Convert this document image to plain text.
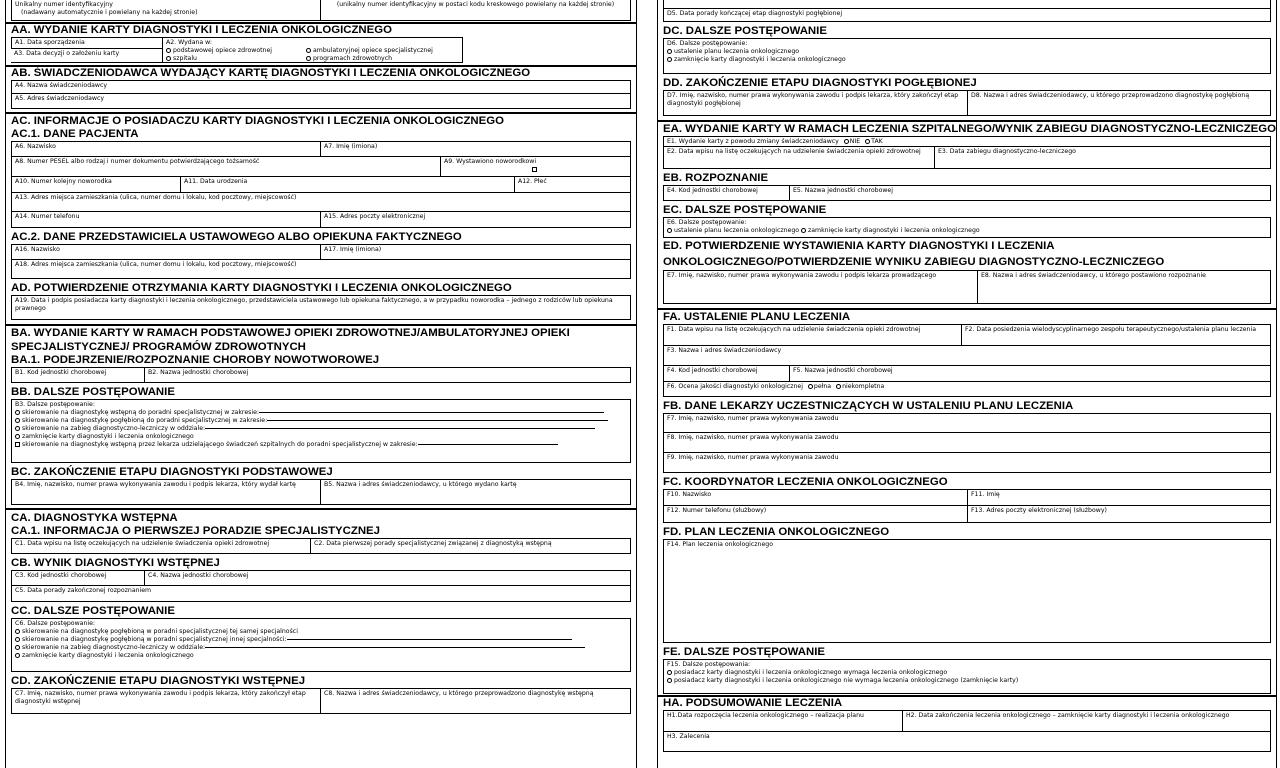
Unikalny numer identyfikacyjny
(nadawany automatycznie i powielany na każdej stronie)
(unikalny numer identyfikacyjny w postaci kodu kreskowego powielany na każdej stronie)
AA. WYDANIE KARTY DIAGNOSTYKI I LECZENIA ONKOLOGICZNEGO
A1. Data sporządzenia
A3. Data decyzji o założeniu karty
A2. Wydana w:
podstawowej opiece zdrowotnej
szpitalu
ambulatoryjnej opiece specjalistycznej
programach zdrowotnych
AB. ŚWIADCZENIODAWCA WYDAJĄCY KARTĘ DIAGNOSTYKI I LECZENIA ONKOLOGICZNEGO
A4. Nazwa świadczeniodawcy
A5. Adres świadczeniodawcy
AC. INFORMACJE O POSIADACZU KARTY DIAGNOSTYKI I LECZENIA ONKOLOGICZNEGO
AC.1. DANE PACJENTA
A6. Nazwisko	A7. Imię (imiona)
A8. Numer PESEL albo rodzaj i numer dokumentu potwierdzającego tożsamość	A9. Wystawiono noworodkowi
A10. Numer kolejny noworodka	A11. Data urodzenia	A12. Płeć
A13. Adres miejsca zamieszkania (ulica, numer domu i lokalu, kod pocztowy, miejscowość)
A14. Numer telefonu	A15. Adres poczty elektronicznej
AC.2. DANE PRZEDSTAWICIELA USTAWOWEGO ALBO OPIEKUNA FAKTYCZNEGO
A16. Nazwisko	A17. Imię (imiona)
A18. Adres miejsca zamieszkania (ulica, numer domu i lokalu, kod pocztowy, miejscowość)
AD. POTWIERDZENIE OTRZYMANIA KARTY DIAGNOSTYKI I LECZENIA ONKOLOGICZNEGO
A19. Data i podpis posiadacza karty diagnostyki i leczenia onkologicznego, przedstawiciela ustawowego lub opiekuna faktycznego, a w przypadku noworodka – jednego z rodziców lub opiekuna prawnego
BA. WYDANIE KARTY W RAMACH PODSTAWOWEJ OPIEKI ZDROWOTNEJ/AMBULATORYJNEJ OPIEKI SPECJALISTYCZNEJ/ PROGRAMÓW ZDROWOTNYCH
BA.1. PODEJRZENIE/ROZPOZNANIE CHOROBY NOWOTWOROWEJ
B1. Kod jednostki chorobowej	B2. Nazwa jednostki chorobowej
BB. DALSZE POSTĘPOWANIE
B3. Dalsze postępowanie:
skierowanie na diagnostykę wstępną do poradni specjalistycznej w zakresie:
skierowanie na diagnostykę pogłębioną do poradni specjalistycznej w zakresie:
skierowanie na zabieg diagnostyczno-leczniczy w oddziale:
zamknięcie karty diagnostyki i leczenia onkologicznego
skierowanie na diagnostykę wstępną przez lekarza udzielającego świadczeń szpitalnych do poradni specjalistycznej w zakresie:
BC. ZAKOŃCZENIE ETAPU DIAGNOSTYKI PODSTAWOWEJ
B4. Imię, nazwisko, numer prawa wykonywania zawodu i podpis lekarza, który wydał kartę	B5. Nazwa i adres świadczeniodawcy, u którego wydano kartę
CA. DIAGNOSTYKA WSTĘPNA
CA.1. INFORMACJA O PIERWSZEJ PORADZIE SPECJALISTYCZNEJ
C1. Data wpisu na listę oczekujących na udzielenie świadczenia opieki zdrowotnej	C2. Data pierwszej porady specjalistycznej związanej z diagnostyką wstępną
CB. WYNIK DIAGNOSTYKI WSTĘPNEJ
C3. Kod jednostki chorobowej	C4. Nazwa jednostki chorobowej
C5. Data porady zakończonej rozpoznaniem
CC. DALSZE POSTĘPOWANIE
C6. Dalsze postępowanie:
skierowanie na diagnostykę pogłębioną w poradni specjalistycznej tej samej specjalności
skierowanie na diagnostykę pogłębioną w poradni specjalistycznej innej specjalności:
skierowanie na zabieg diagnostyczno-leczniczy w oddziale:
zamknięcie karty diagnostyki i leczenia onkologicznego
CD. ZAKOŃCZENIE ETAPU DIAGNOSTYKI WSTĘPNEJ
C7. Imię, nazwisko, numer prawa wykonywania zawodu i podpis lekarza, który zakończył etap diagnostyki wstępnej
C8. Nazwa i adres świadczeniodawcy, u którego przeprowadzono diagnostykę wstępną
D5. Data porady kończącej etap diagnostyki pogłębionej
DC. DALSZE POSTĘPOWANIE
D6. Dalsze postępowanie:
ustalenie planu leczenia onkologicznego
zamknięcie karty diagnostyki i leczenia onkologicznego
DD. ZAKOŃCZENIE ETAPU DIAGNOSTYKI POGŁĘBIONEJ
D7. Imię, nazwisko, numer prawa wykonywania zawodu i podpis lekarza, który zakończył etap diagnostyki pogłębionej
D8. Nazwa i adres świadczeniodawcy, u którego przeprowadzono diagnostykę pogłębioną
EA. WYDANIE KARTY W RAMACH LECZENIA SZPITALNEGO/WYNIK ZABIEGU DIAGNOSTYCZNO-LECZNICZEGO
E1. Wydanie karty z powodu zmiany świadczeniodawcy NIE TAK
E2. Data wpisu na listę oczekujących na udzielenie świadczenia opieki zdrowotnej	E3. Data zabiegu diagnostyczno-leczniczego
EB. ROZPOZNANIE
E4. Kod jednostki chorobowej	E5. Nazwa jednostki chorobowej
EC. DALSZE POSTĘPOWANIE
E6. Dalsze postępowanie:
ustalenie planu leczenia onkologicznego zamknięcie karty diagnostyki i leczenia onkologicznego
ED. POTWIERDZENIE WYSTAWIENIA KARTY DIAGNOSTYKI I LECZENIA ONKOLOGICZNEGO/POTWIERDZENIE WYNIKU ZABIEGU DIAGNOSTYCZNO-LECZNICZEGO
E7. Imię, nazwisko, numer prawa wykonywania zawodu i podpis lekarza prowadzącego	E8. Nazwa i adres świadczeniodawcy, u którego postawiono rozpoznanie
FA. USTALENIE PLANU LECZENIA
F1. Data wpisu na listę oczekujących na udzielenie świadczenia opieki zdrowotnej	F2. Data posiedzenia wielodyscyplinarnego zespołu terapeutycznego/ustalenia planu leczenia
F3. Nazwa i adres świadczeniodawcy
F4. Kod jednostki chorobowej	F5. Nazwa jednostki chorobowej
F6. Ocena jakości diagnostyki onkologicznej pełna niekompletna
FB. DANE LEKARZY UCZESTNICZĄCYCH W USTALENIU PLANU LECZENIA
F7. Imię, nazwisko, numer prawa wykonywania zawodu
F8. Imię, nazwisko, numer prawa wykonywania zawodu
F9. Imię, nazwisko, numer prawa wykonywania zawodu
FC. KOORDYNATOR LECZENIA ONKOLOGICZNEGO
F10. Nazwisko	F11. Imię
F12. Numer telefonu (służbowy)	F13. Adres poczty elektronicznej (służbowy)
FD. PLAN LECZENIA ONKOLOGICZNEGO
F14. Plan leczenia onkologicznego
FE. DALSZE POSTĘPOWANIE
F15. Dalsze postępowania:
posiadacz karty diagnostyki i leczenia onkologicznego wymaga leczenia onkologicznego
posiadacz karty diagnostyki i leczenia onkologicznego nie wymaga leczenia onkologicznego (zamknięcie karty)
HA. PODSUMOWANIE LECZENIA
H1.Data rozpoczęcia leczenia onkologicznego – realizacja planu	H2. Data zakończenia leczenia onkologicznego – zamknięcie karty diagnostyki i leczenia onkologicznego
H3. Zalecenia
